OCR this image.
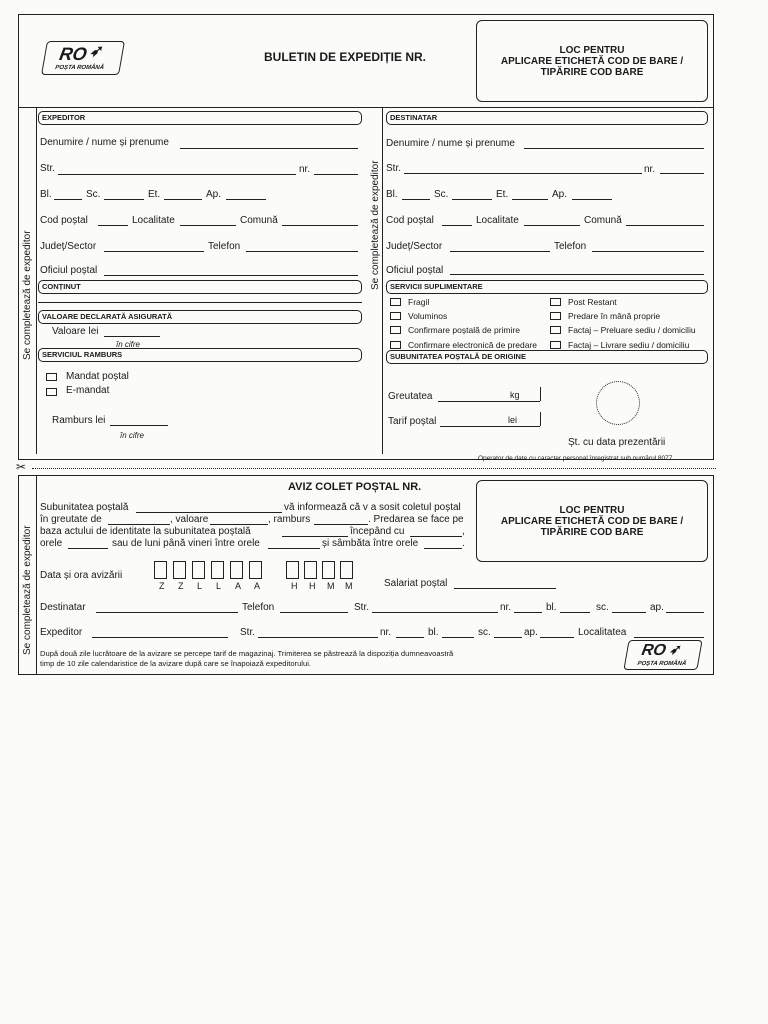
RO ➶
POȘTA ROMÂNĂ
BULETIN DE EXPEDIȚIE NR.	LOC PENTRU
APLICARE ETICHETĂ COD DE BARE /
TIPĂRIRE COD BARE
Se completează de expeditor
Se completează de expeditor
EXPEDITOR
Denumire / nume și prenume
Str.	nr.
Bl.	Sc.	Et.	Ap.
Cod poștal	Localitate	Comună
Județ/Sector	Telefon
Oficiul poștal
CONȚINUT
VALOARE DECLARATĂ ASIGURATĂ
Valoare lei
în cifre
SERVICIUL RAMBURS
Mandat poștal
E-mandat
Ramburs lei
în cifre
DESTINATAR
Denumire / nume și prenume
Str.	nr.
Bl.	Sc.	Et.	Ap.
Cod poștal	Localitate	Comună
Județ/Sector	Telefon
Oficiul poștal
SERVICII SUPLIMENTARE
Fragil
Voluminos
Confirmare poștală de primire
Confirmare electronică de predare
Post Restant
Predare în mână proprie
Factaj – Preluare sediu / domiciliu
Factaj – Livrare sediu / domiciliu
SUBUNITATEA POȘTALĂ DE ORIGINE
Greutatea	kg
Tarif poștal	lei
Șt. cu data prezentării
Operator de date cu caracter personal înregistrat sub numărul 8077.
✂
Se completează de expeditor
AVIZ COLET POȘTAL NR.
LOC PENTRU
APLICARE ETICHETĂ COD DE BARE /
TIPĂRIRE COD BARE
Subunitatea poștală	vă informează că v a sosit coletul poștal
în greutate de	, valoare	, ramburs	. Predarea se face pe
baza actului de identitate la subunitatea poștală	începând cu	,
orele	sau de luni până vineri între orele	și sâmbăta între orele	.
Data și ora avizării
Z Z L L A A	H H M M	Salariat poștal
Destinatar	Telefon	Str.	nr.	bl.	sc.	ap.
Expeditor	Str.	nr.	bl.	sc.	ap.	Localitatea
După două zile lucrătoare de la avizare se percepe tarif de magazinaj. Trimiterea se păstrează la dispoziția dumneavoastră
timp de 10 zile calendaristice de la avizare după care se înapoiază expeditorului.
RO ➶
POȘTA ROMÂNĂ
